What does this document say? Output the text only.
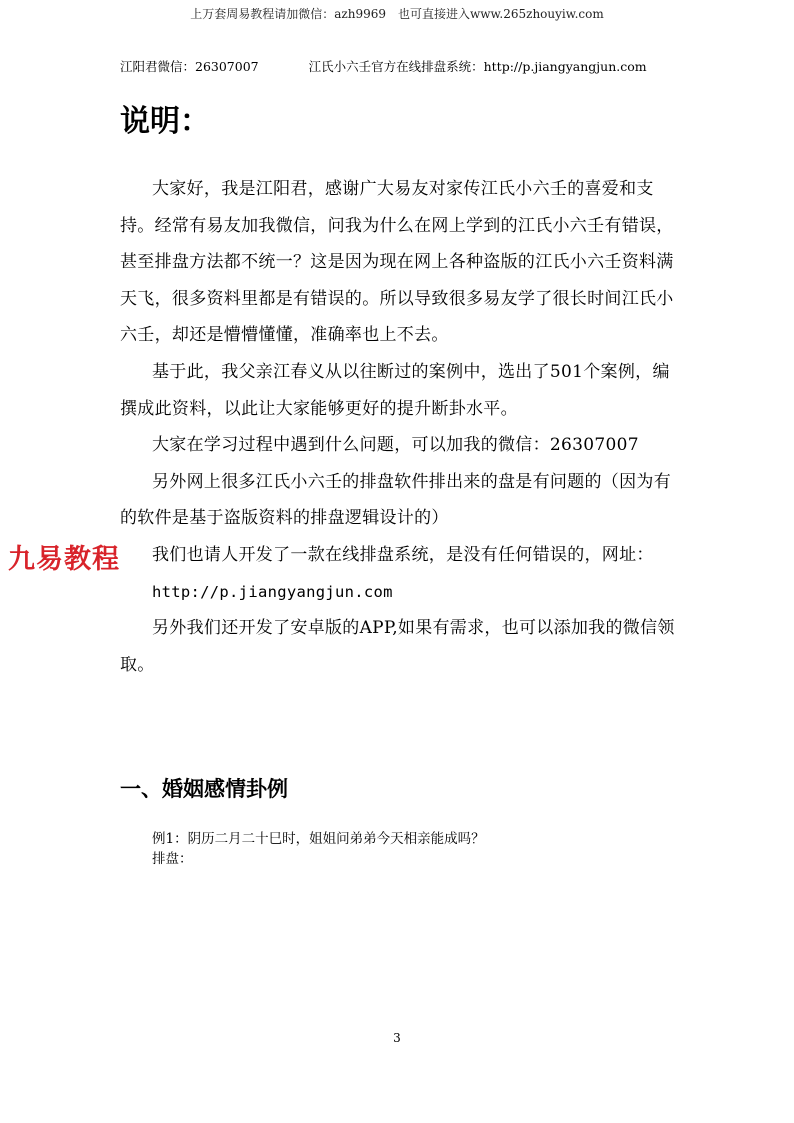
上万套周易教程请加微信：azh9969　也可直接进入www.265zhouyiw.com
江阳君微信：26307007	江氏小六壬官方在线排盘系统：http://p.jiangyangjun.com
说明：

大家好，我是江阳君，感谢广大易友对家传江氏小六壬的喜爱和支持。经常有易友加我微信，问我为什么在网上学到的江氏小六壬有错误，甚至排盘方法都不统一？这是因为现在网上各种盗版的江氏小六壬资料满天飞，很多资料里都是有错误的。所以导致很多易友学了很长时间江氏小六壬，却还是懵懵懂懂，准确率也上不去。

基于此，我父亲江春义从以往断过的案例中，选出了501个案例，编撰成此资料，以此让大家能够更好的提升断卦水平。

大家在学习过程中遇到什么问题，可以加我的微信：26307007

另外网上很多江氏小六壬的排盘软件排出来的盘是有问题的（因为有的软件是基于盗版资料的排盘逻辑设计的）

我们也请人开发了一款在线排盘系统，是没有任何错误的，网址：

http://p.jiangyangjun.com

另外我们还开发了安卓版的APP,如果有需求，也可以添加我的微信领取。

九易教程
一、婚姻感情卦例
例1：阴历二月二十巳时，姐姐问弟弟今天相亲能成吗？
排盘：
3
